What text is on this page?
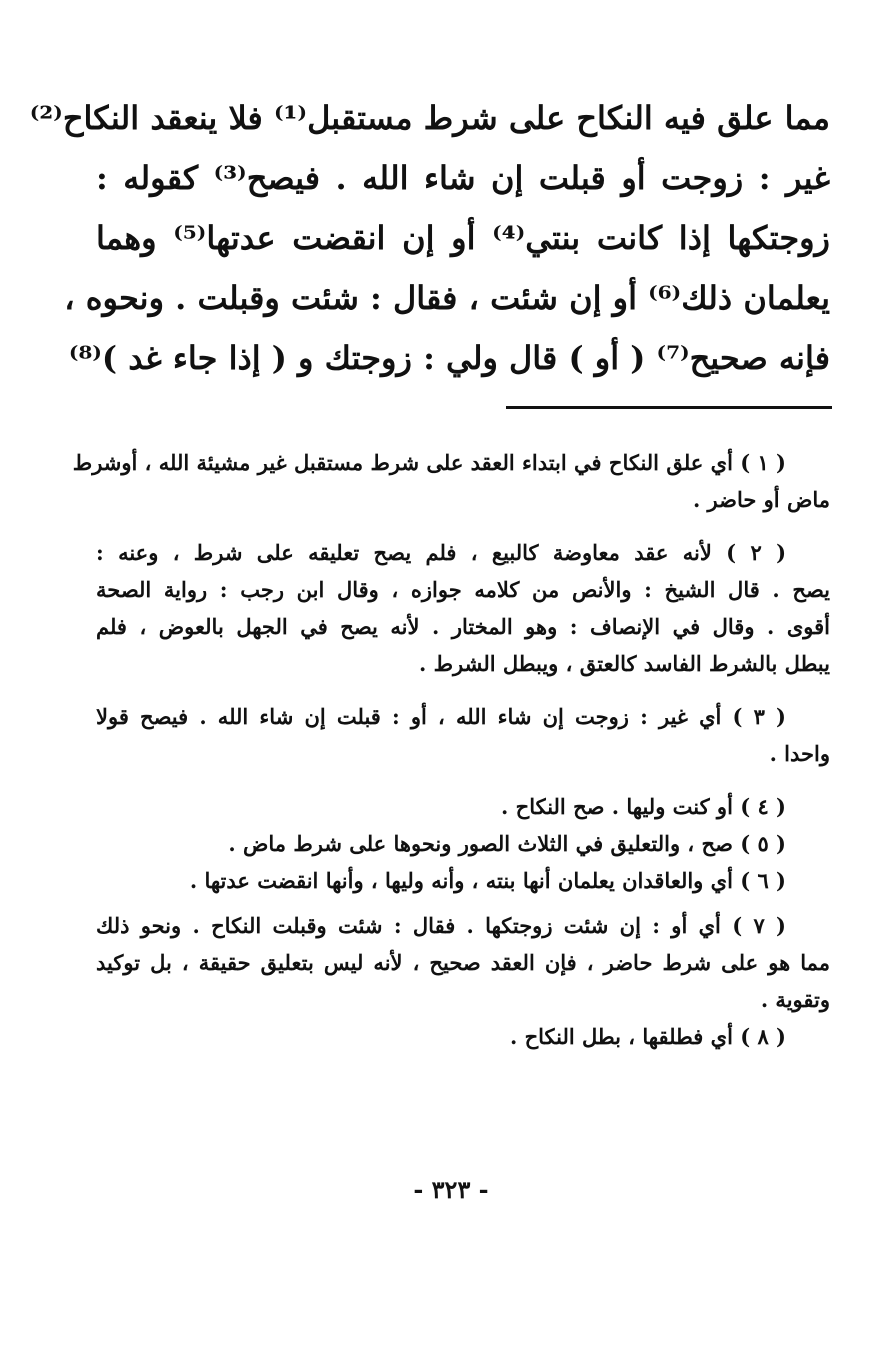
مما علق فيه النكاح على شرط مستقبل⁽¹⁾ فلا ينعقد النكاح⁽²⁾
غير : زوجت أو قبلت إن شاء الله . فيصح⁽³⁾ كقوله :
زوجتكها إذا كانت بنتي⁽⁴⁾ أو إن انقضت عدتها⁽⁵⁾ وهما
يعلمان ذلك⁽⁶⁾ أو إن شئت ، فقال : شئت وقبلت . ونحوه ،
فإنه صحيح⁽⁷⁾ ( أو ) قال ولي : زوجتك و ( إذا جاء غد )⁽⁸⁾
( ١ ) أي علق النكاح في ابتداء العقد على شرط مستقبل غير مشيئة الله ، أوشرط
ماض أو حاضر .
( ٢ ) لأنه عقد معاوضة كالبيع ، فلم يصح تعليقه على شرط ، وعنه :
يصح . قال الشيخ : والأنص من كلامه جوازه ، وقال ابن رجب : رواية الصحة
أقوى . وقال في الإنصاف : وهو المختار . لأنه يصح في الجهل بالعوض ، فلم
يبطل بالشرط الفاسد كالعتق ، ويبطل الشرط .
( ٣ ) أي غير : زوجت إن شاء الله ، أو : قبلت إن شاء الله . فيصح قولا
واحدا .
( ٤ ) أو كنت وليها . صح النكاح .
( ٥ ) صح ، والتعليق في الثلاث الصور ونحوها على شرط ماض .
( ٦ ) أي والعاقدان يعلمان أنها بنته ، وأنه وليها ، وأنها انقضت عدتها .
( ٧ ) أي أو : إن شئت زوجتكها . فقال : شئت وقبلت النكاح . ونحو ذلك
مما هو على شرط حاضر ، فإن العقد صحيح ، لأنه ليس بتعليق حقيقة ، بل توكيد
وتقوية .
( ٨ ) أي فطلقها ، بطل النكاح .
- ٣٢٣ -
